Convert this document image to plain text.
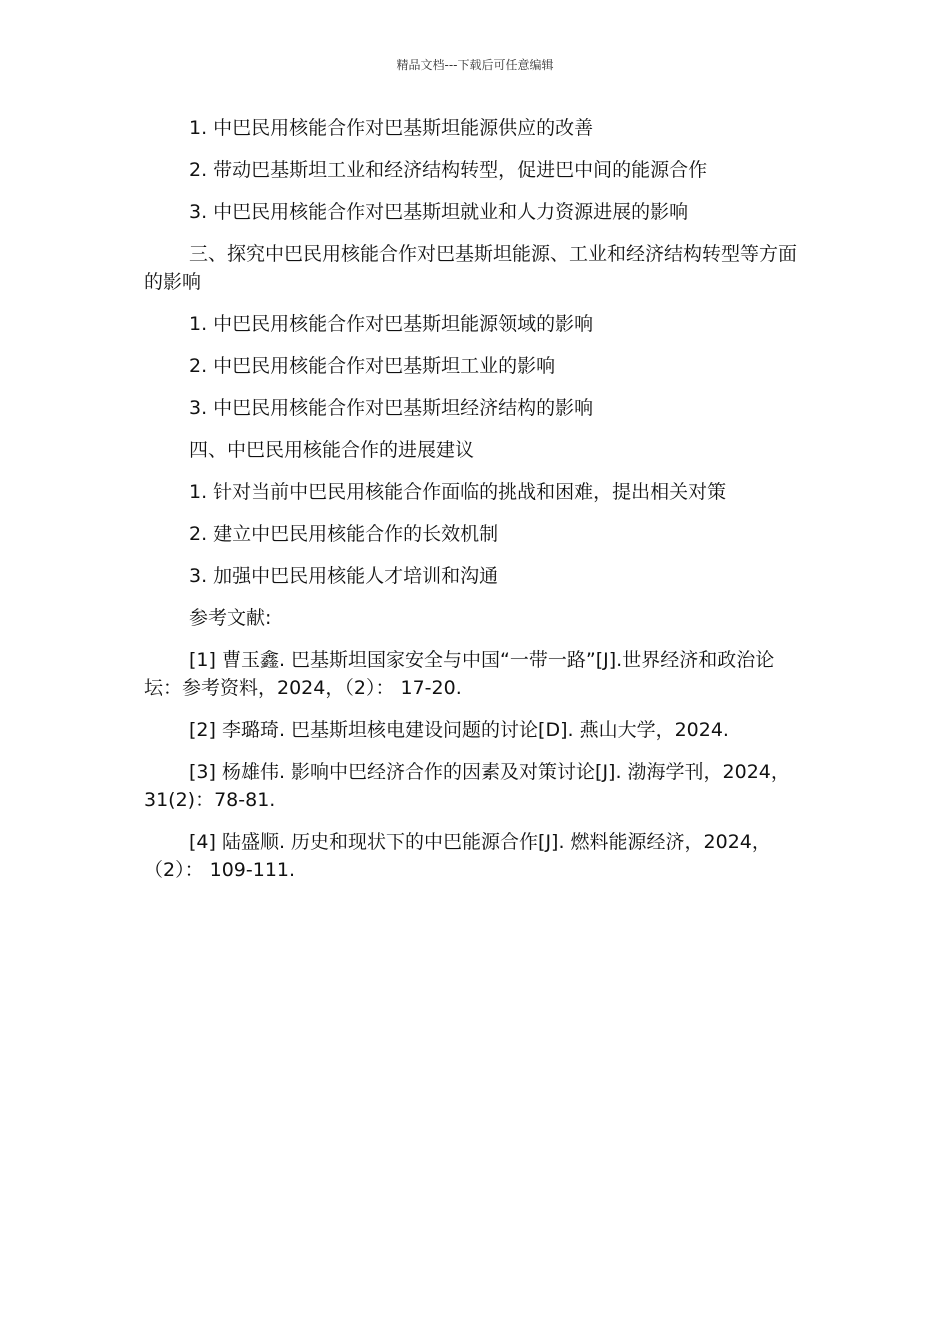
精品文档---下载后可任意编辑

1. 中巴民用核能合作对巴基斯坦能源供应的改善

2. 带动巴基斯坦工业和经济结构转型，促进巴中间的能源合作

3. 中巴民用核能合作对巴基斯坦就业和人力资源进展的影响

三、探究中巴民用核能合作对巴基斯坦能源、工业和经济结构转型等方面的影响

1. 中巴民用核能合作对巴基斯坦能源领域的影响

2. 中巴民用核能合作对巴基斯坦工业的影响

3. 中巴民用核能合作对巴基斯坦经济结构的影响

四、中巴民用核能合作的进展建议

1. 针对当前中巴民用核能合作面临的挑战和困难，提出相关对策

2. 建立中巴民用核能合作的长效机制

3. 加强中巴民用核能人才培训和沟通

参考文献:

[1] 曹玉鑫. 巴基斯坦国家安全与中国“一带一路”[J].世界经济和政治论坛：参考资料，2024，（2）： 17-20.

[2] 李璐琦. 巴基斯坦核电建设问题的讨论[D]. 燕山大学，2024.

[3] 杨雄伟. 影响中巴经济合作的因素及对策讨论[J]. 渤海学刊，2024，31(2)：78-81.

[4] 陆盛顺. 历史和现状下的中巴能源合作[J]. 燃料能源经济，2024，（2）： 109-111.
